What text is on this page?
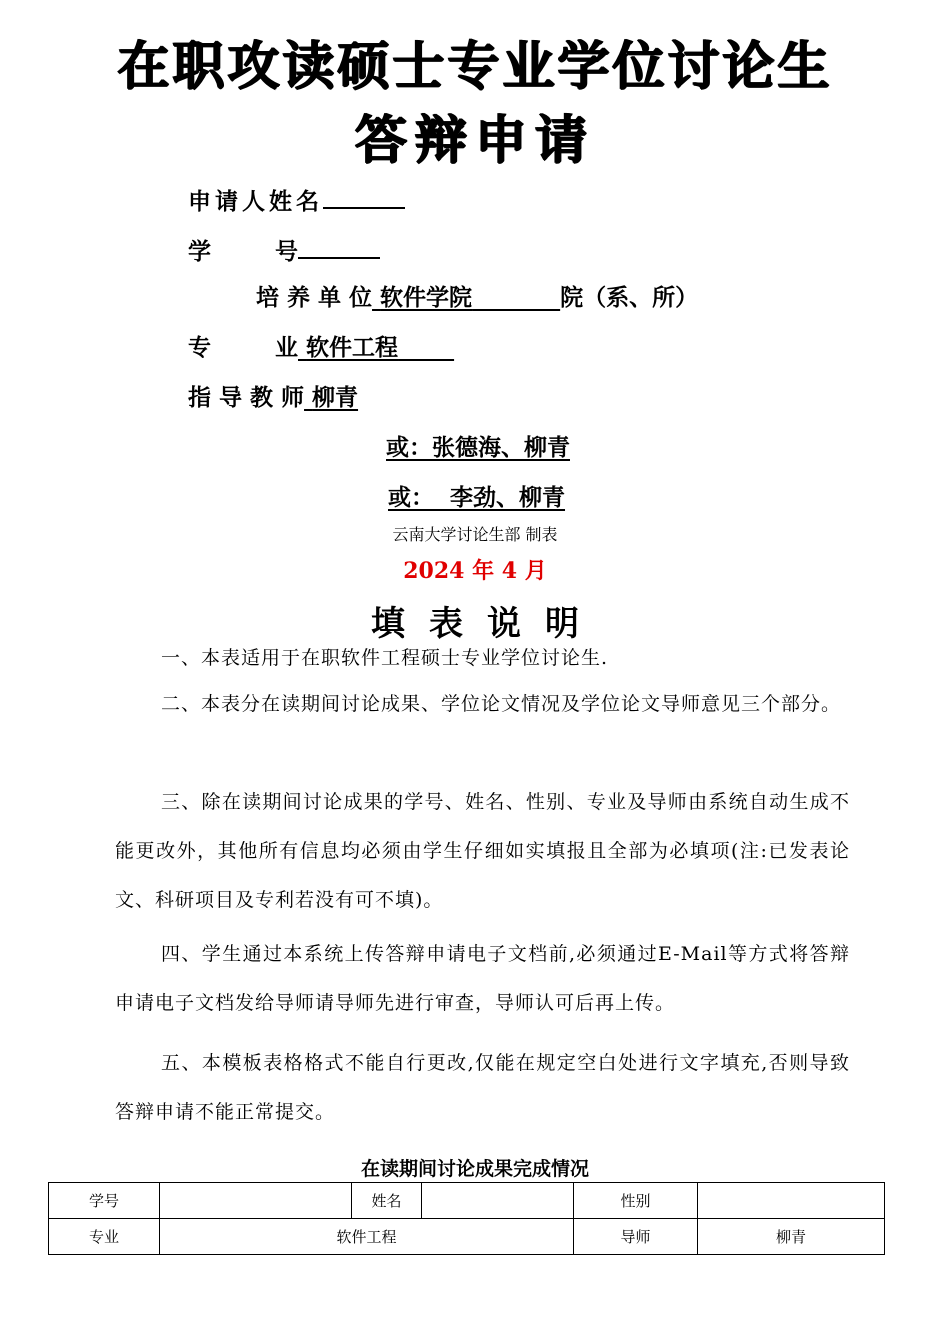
在职攻读硕士专业学位讨论生
答辩申请
申请人姓名
学	号
培 养 单 位 软件学院	院（系、所）
专	业 软件工程
指 导 教 师 柳青
或：张德海、柳青
或：  李劲、柳青
云南大学讨论生部 制表
2024 年 4 月
填表说明

一、本表适用于在职软件工程硕士专业学位讨论生.

二、本表分在读期间讨论成果、学位论文情况及学位论文导师意见三个部分。

三、除在读期间讨论成果的学号、姓名、性别、专业及导师由系统自动生成不能更改外，其他所有信息均必须由学生仔细如实填报且全部为必填项(注:已发表论文、科研项目及专利若没有可不填)。

四、学生通过本系统上传答辩申请电子文档前,必须通过E-Mail等方式将答辩申请电子文档发给导师请导师先进行审查，导师认可后再上传。

五、本模板表格格式不能自行更改,仅能在规定空白处进行文字填充,否则导致答辩申请不能正常提交。

在读期间讨论成果完成情况
学号		姓名		性别	
专业	软件工程			导师	柳青
